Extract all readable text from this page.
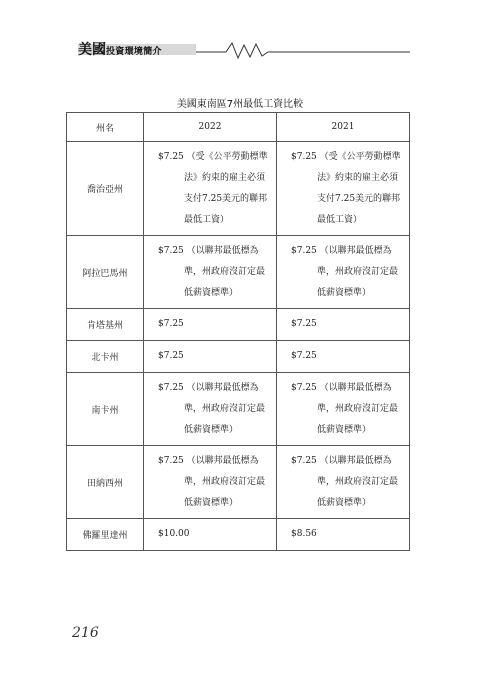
美國投資環境簡介
美國東南區7州最低工資比較
州名	2022	2021
喬治亞州	$7.25 （受《公平勞動標準
法》約束的雇主必須
支付7.25美元的聯邦
最低工資）	$7.25 （受《公平勞動標準
法》約束的雇主必須
支付7.25美元的聯邦
最低工資）

阿拉巴馬州	$7.25 （以聯邦最低標為
準，州政府沒訂定最
低薪資標準）	$7.25 （以聯邦最低標為
準，州政府沒訂定最
低薪資標準）

肯塔基州	$7.25	$7.25

北卡州	$7.25	$7.25

南卡州	$7.25 （以聯邦最低標為
準，州政府沒訂定最
低薪資標準）	$7.25 （以聯邦最低標為
準，州政府沒訂定最
低薪資標準）

田納西州	$7.25 （以聯邦最低標為
準，州政府沒訂定最
低薪資標準）	$7.25 （以聯邦最低標為
準，州政府沒訂定最
低薪資標準）

佛羅里達州	$10.00	$8.56
216
